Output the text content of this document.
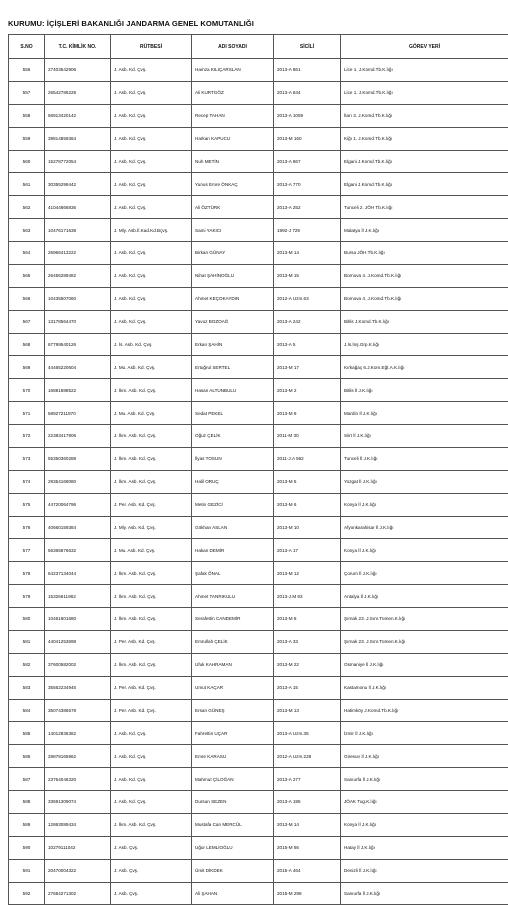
KURUMU: İÇİŞLERİ BAKANLIĞI JANDARMA GENEL KOMUTANLIĞI
S.NO	T.C. KİMLİK NO.	RÜTBESİ	ADI SOYADI	SİCİLİ	GÖREV YERİ
556	27403542906	J. Asb. Kd. Çvş.	Hamza KILIÇARSLAN	2013-A 861	Lice 1. J.Komd.Tb.K.lığı
557	26542786228	J. Asb. Kd. Çvş.	Ali KURTGÖZ	2013-A 844	Lice 1. J.Komd.Tb.K.lığı
558	56913420142	J. Asb. Kd. Çvş.	Recep TAHAN	2013-A 1059	İtarı 3. J.Komd.Tb.K.lığı
559	39814859364	J. Asb. Kd. Çvş.	Harkan KAPUCU	2013-M 160	Kiğı 1. J.Komd.Tb.K.lığı
560	15278772054	J. Asb. Kd. Çvş.	Nuh METİN	2013-A 867	Elgani J.Komd.Tb.K.lığı
561	30355299442	J. Asb. Kd. Çvş.	Yunus Emre ÖNKAÇ	2013-A 770	Elgani J.Komd.Tb.K.lığı
562	41044866836	J. Asb. Kd. Çvş.	Ali ÖZTÜRK	2013-A 252	Tunceli 2. JÖH Tb.K.lığı
563	10476171638	J. Mly. Asb.İl.Kad.Kd.Bçvş.	Sami YAKICI	1992-J 729	Malatya İl J.K.lığı
564	26966413222	J. Asb. Kd. Çvş.	Birkan GÜNAY	2013-M 14	Bursa JÖH Tb.K.lığı
565	26456289482	J. Asb. Kd. Çvş.	Nihat ŞAHİNOĞLU	2013-M 15	Bornova 4. J.Komd.Tb.K.lığı
566	10435507060	J. Asb. Kd. Çvş.	Ahmet KEÇOKAYDIN	2012-A Uzm.63	Bornova 4. J.Komd.Tb.K.lığı
567	13178564470	J. Asb. Kd. Çvş.	Yavuz BOZOAĞ	2013-A 242	Bitlis J.Komd.Tb.K.lığı
568	67799540126	J. İs. Asb. Kd. Çvş.	Erkan ŞAHİN	2013-A 5	J.İs.İnş.Grp.K.lığı
569	44465220604	J. Mu. Asb. Kd. Çvş.	Ertuğrul SERTEL	2013-M 17	Kırkağaç 6.J.Kom.Eğt.A.K.lığı
570	16881888522	J. İkm. Asb. Kd. Çvş.	Hasan ALTUNBULU	2013-M 2	Bitlis İl J.K.lığı
571	58927211870	J. Mu. Asb. Kd. Çvş.	Sedat PEKEL	2013-M 9	Mardin İl J.K.lığı
572	22383417806	J. İkm. Asb. Kd. Çvş.	Oğuz ÇELİK	2011-M 30	Siirt İl J.K.lığı
573	55350360288	J. İkm. Asb. Kd. Çvş.	İlyas TOSUN	2011-J.A 562	Tunceli İl J.K.lığı
574	29354169080	J. İkm. Asb. Kd. Çvş.	Halil ORUÇ	2013-M 5	Yozgat İl J.K.lığı
575	44720064796	J. Per. Asb. Kd. Çvş.	Metin GEZİCİ	2013-M 6	Konya İl J.K.lığı
576	40660159384	J. Mly. Asb. Kd. Çvş.	Gökhan ASLAN	2013-M 10	Afyonkarahisar İl J.K.lığı
577	56365876632	J. Mu. Asb. Kd. Çvş.	Hakan DEMİR	2013-A 17	Konya İl J.K.lığı
578	64237134044	J. İkm. Asb. Kd. Çvş.	Şafak ÖNAL	2013-M 12	Çorum İl J.K.lığı
579	15326611962	J. İkm. Asb. Kd. Çvş.	Ahmet TANRIKULU	2013-J.M 93	Antalya İl J.K.lığı
580	10461601680	J. İkm. Asb. Kd. Çvş.	Serafettin CANDEMİR	2013-M 8	Şırnak 23. J.Sınr.Tümen.K.lığı
581	44041253698	J. Per. Asb. Kd. Çvş.	Emrullah ÇELİK	2013-A 33	Şırnak 23. J.Sınr.Tümen.K.lığı
582	37600582002	J. İkm. Asb. Kd. Çvş.	Ufuk KAHRAMAN	2013-M 22	Osmaniye İl J.K.lığı
583	35562234946	J. Per. Asb. Kd. Çvş.	Umut KAÇAR	2013-A 15	Kastamonu İl J.K.lığı
584	35074386578	J. Per. Asb. Kd. Çvş.	Ersan GÜNEŞ	2013-M 13	Hatimköy J.Komd.Tb.K.lığı
585	14012835362	J. Asb. Kd. Çvş.	Fahrettin UÇAR	2013-A Uzm.35	İzmir İl J.K.lığı
586	28878165962	J. Asb. Kd. Çvş.	Emre KARASU	2012-A Uzm.228	Giresun İl J.K.lığı
587	23764046320	J. Asb. Kd. Çvş.	Mahmut ÇİLOĞAN	2013-A 277	Sanıurfa İl J.K.lığı
588	33691309074	J. Asb. Kd. Çvş.	Dursun SEZEN	2013-A 195	JÖAK Tug.K.lığı
589	12863089434	J. İkm. Asb. Kd. Çvş.	Mustafa Can MERCÜL	2013-M 14	Konya İl J.K.lığı
590	10279111042	J. Asb. Çvş.	Uğur LEMLİOĞLU	2015-M 66	Hatay İl J.K.lığı
591	20470004322	J. Asb. Çvş.	Ümit DİKDEK	2015-A 464	Denizli İl J.K.lığı
592	27684271302	J. Asb. Çvş.	Ali ŞAHAN	2015-M 298	Sanıurfa İl J.K.lığı
